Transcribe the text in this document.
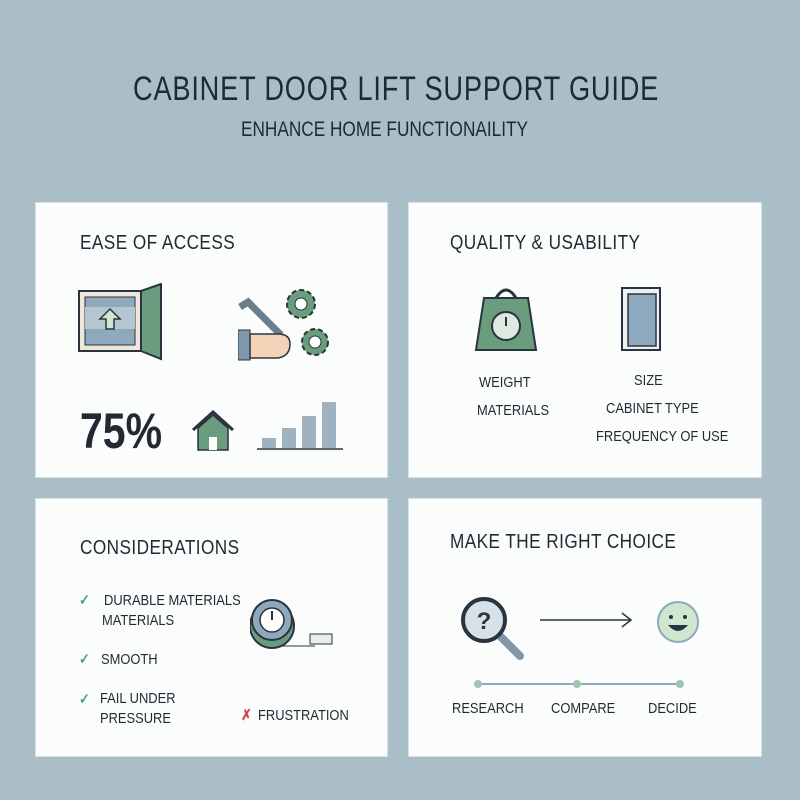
CABINET DOOR LIFT SUPPORT GUIDE
ENHANCE HOME FUNCTIONAILITY
EASE OF ACCESS
75%
QUALITY & USABILITY
WEIGHT
MATERIALS
SIZE
CABINET TYPE
FREQUENCY OF USE
CONSIDERATIONS
✓ DURABLE MATERIALS
MATERIALS
✓ SMOOTH
✓ FAIL UNDER
PRESSURE	✗ FRUSTRATION
MAKE THE RIGHT CHOICE
?
RESEARCH COMPARE DECIDE
